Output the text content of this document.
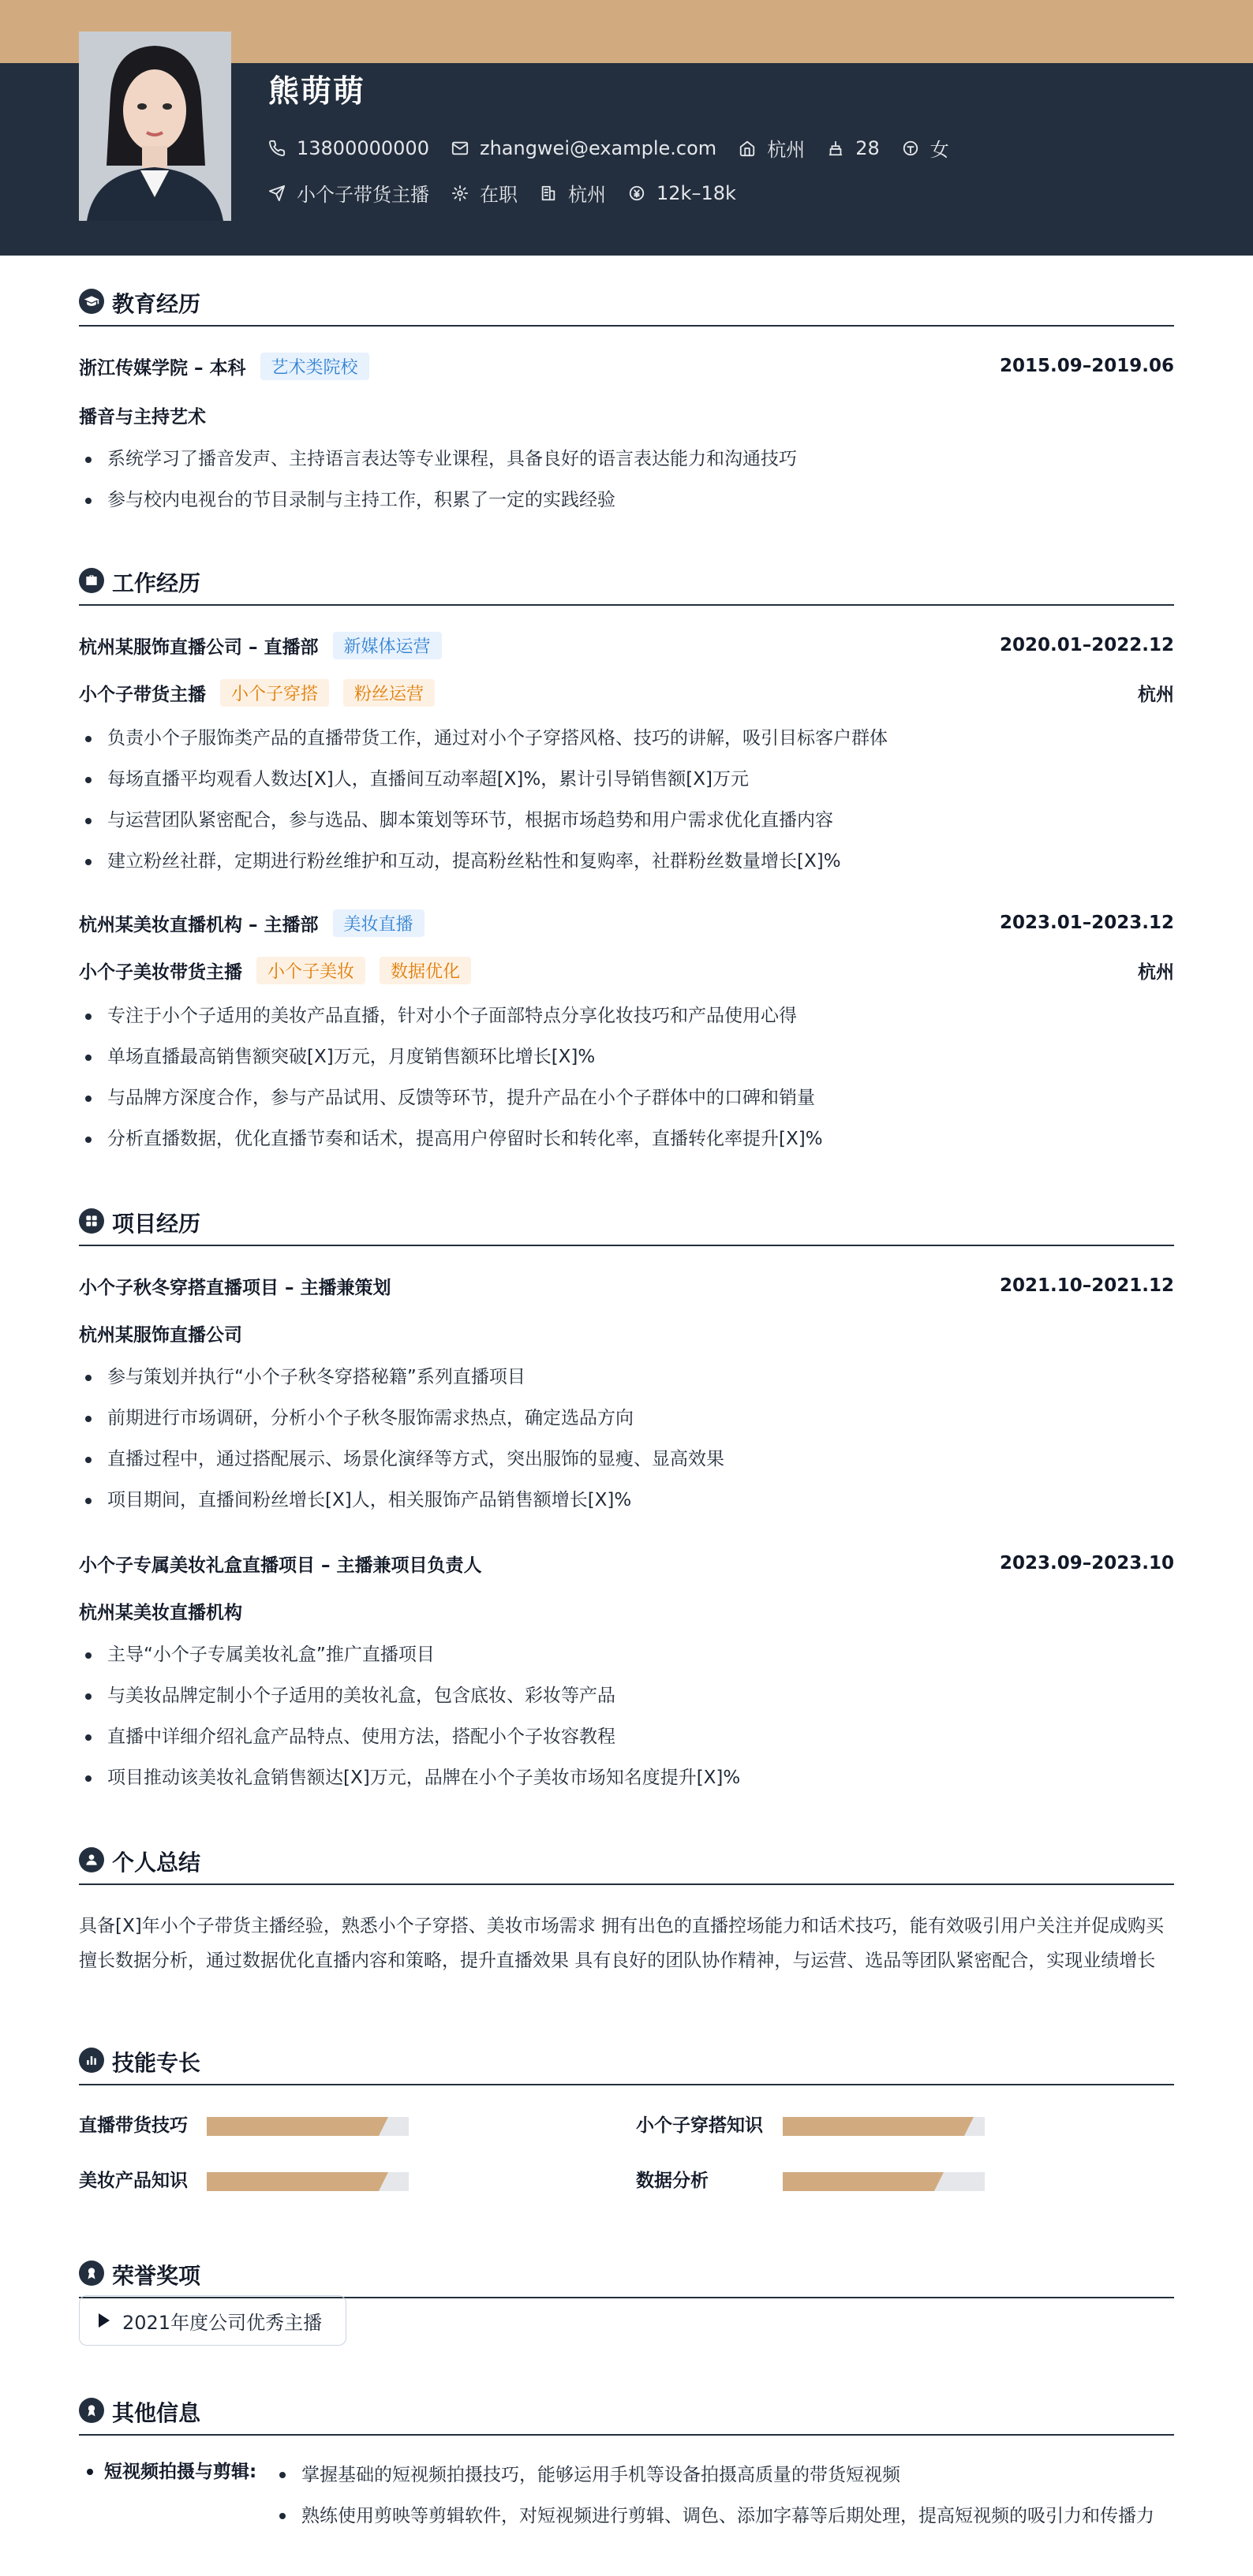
熊萌萌
13800000000	zhangwei@example.com	杭州	28	女
小个子带货主播	在职	杭州	12k–18k
教育经历
浙江传媒学院 – 本科	艺术类院校	2015.09–2019.06
播音与主持艺术
系统学习了播音发声、主持语言表达等专业课程，具备良好的语言表达能力和沟通技巧
参与校内电视台的节目录制与主持工作，积累了一定的实践经验
工作经历
杭州某服饰直播公司 – 直播部	新媒体运营	2020.01–2022.12
小个子带货主播	小个子穿搭	粉丝运营	杭州
负责小个子服饰类产品的直播带货工作，通过对小个子穿搭风格、技巧的讲解，吸引目标客户群体
每场直播平均观看人数达[X]人，直播间互动率超[X]%，累计引导销售额[X]万元
与运营团队紧密配合，参与选品、脚本策划等环节，根据市场趋势和用户需求优化直播内容
建立粉丝社群，定期进行粉丝维护和互动，提高粉丝粘性和复购率，社群粉丝数量增长[X]%
杭州某美妆直播机构 – 主播部	美妆直播	2023.01–2023.12
小个子美妆带货主播	小个子美妆	数据优化	杭州
专注于小个子适用的美妆产品直播，针对小个子面部特点分享化妆技巧和产品使用心得
单场直播最高销售额突破[X]万元，月度销售额环比增长[X]%
与品牌方深度合作，参与产品试用、反馈等环节，提升产品在小个子群体中的口碑和销量
分析直播数据，优化直播节奏和话术，提高用户停留时长和转化率，直播转化率提升[X]%
项目经历
小个子秋冬穿搭直播项目 – 主播兼策划	2021.10–2021.12
杭州某服饰直播公司
参与策划并执行“小个子秋冬穿搭秘籍”系列直播项目
前期进行市场调研，分析小个子秋冬服饰需求热点，确定选品方向
直播过程中，通过搭配展示、场景化演绎等方式，突出服饰的显瘦、显高效果
项目期间，直播间粉丝增长[X]人，相关服饰产品销售额增长[X]%
小个子专属美妆礼盒直播项目 – 主播兼项目负责人	2023.09–2023.10
杭州某美妆直播机构
主导“小个子专属美妆礼盒”推广直播项目
与美妆品牌定制小个子适用的美妆礼盒，包含底妆、彩妆等产品
直播中详细介绍礼盒产品特点、使用方法，搭配小个子妆容教程
项目推动该美妆礼盒销售额达[X]万元，品牌在小个子美妆市场知名度提升[X]%
个人总结
具备[X]年小个子带货主播经验，熟悉小个子穿搭、美妆市场需求 拥有出色的直播控场能力和话术技巧，能有效吸引用户关注并促成购买 擅长数据分析，通过数据优化直播内容和策略，提升直播效果 具有良好的团队协作精神，与运营、选品等团队紧密配合，实现业绩增长
技能专长
直播带货技巧	小个子穿搭知识
美妆产品知识	数据分析
荣誉奖项
2021年度公司优秀主播
其他信息
短视频拍摄与剪辑:	掌握基础的短视频拍摄技巧，能够运用手机等设备拍摄高质量的带货短视频
熟练使用剪映等剪辑软件，对短视频进行剪辑、调色、添加字幕等后期处理，提高短视频的吸引力和传播力
